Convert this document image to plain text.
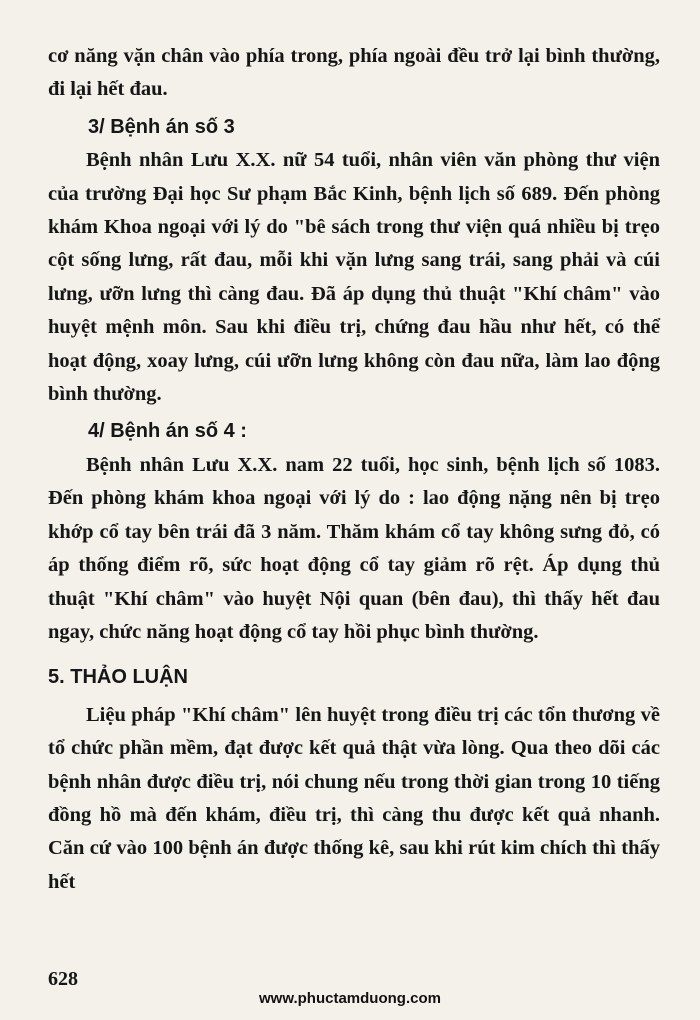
cơ năng vặn chân vào phía trong, phía ngoài đều trở lại bình thường, đi lại hết đau.

3/ Bệnh án số 3

Bệnh nhân Lưu X.X. nữ 54 tuổi, nhân viên văn phòng thư viện của trường Đại học Sư phạm Bắc Kinh, bệnh lịch số 689. Đến phòng khám Khoa ngoại với lý do "bê sách trong thư viện quá nhiều bị trẹo cột sống lưng, rất đau, mỗi khi vặn lưng sang trái, sang phải và cúi lưng, ưỡn lưng thì càng đau. Đã áp dụng thủ thuật "Khí châm" vào huyệt mệnh môn. Sau khi điều trị, chứng đau hầu như hết, có thể hoạt động, xoay lưng, cúi ưỡn lưng không còn đau nữa, làm lao động bình thường.

4/ Bệnh án số 4 :

Bệnh nhân Lưu X.X. nam 22 tuổi, học sinh, bệnh lịch số 1083. Đến phòng khám khoa ngoại với lý do : lao động nặng nên bị trẹo khớp cổ tay bên trái đã 3 năm. Thăm khám cổ tay không sưng đỏ, có áp thống điểm rõ, sức hoạt động cổ tay giảm rõ rệt. Áp dụng thủ thuật "Khí châm" vào huyệt Nội quan (bên đau), thì thấy hết đau ngay, chức năng hoạt động cổ tay hồi phục bình thường.

5. THẢO LUẬN

Liệu pháp "Khí châm" lên huyệt trong điều trị các tổn thương về tổ chức phần mềm, đạt được kết quả thật vừa lòng. Qua theo dõi các bệnh nhân được điều trị, nói chung nếu trong thời gian trong 10 tiếng đồng hồ mà đến khám, điều trị, thì càng thu được kết quả nhanh. Căn cứ vào 100 bệnh án được thống kê, sau khi rút kim chích thì thấy hết

628
www.phuctamduong.com
